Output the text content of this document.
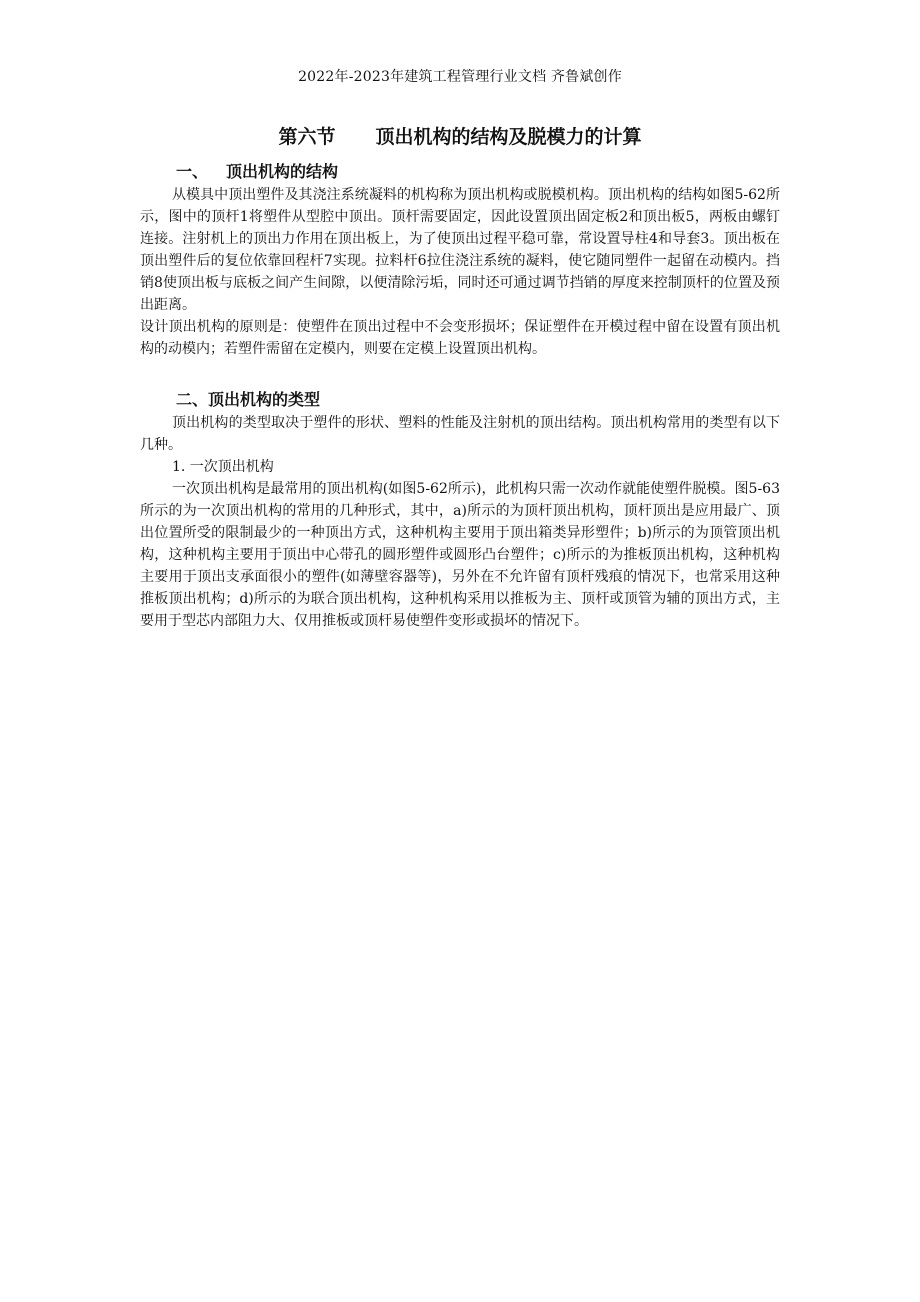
2022年-2023年建筑工程管理行业文档 齐鲁斌创作
第六节 顶出机构的结构及脱模力的计算
一、 顶出机构的结构

从模具中顶出塑件及其浇注系统凝料的机构称为顶出机构或脱模机构。顶出机构的结构如图5-62所示，图中的顶杆1将塑件从型腔中顶出。顶杆需要固定，因此设置顶出固定板2和顶出板5，两板由螺钉连接。注射机上的顶出力作用在顶出板上，为了使顶出过程平稳可靠，常设置导柱4和导套3。顶出板在顶出塑件后的复位依靠回程杆7实现。拉料杆6拉住浇注系统的凝料，使它随同塑件一起留在动模内。挡销8使顶出板与底板之间产生间隙，以便清除污垢，同时还可通过调节挡销的厚度来控制顶杆的位置及预出距离。

设计顶出机构的原则是：使塑件在顶出过程中不会变形损坏；保证塑件在开模过程中留在设置有顶出机构的动模内；若塑件需留在定模内，则要在定模上设置顶出机构。

二、顶出机构的类型

顶出机构的类型取决于塑件的形状、塑料的性能及注射机的顶出结构。顶出机构常用的类型有以下几种。

1. 一次顶出机构

一次顶出机构是最常用的顶出机构(如图5-62所示)，此机构只需一次动作就能使塑件脱模。图5-63所示的为一次顶出机构的常用的几种形式，其中，a)所示的为顶杆顶出机构，顶杆顶出是应用最广、顶出位置所受的限制最少的一种顶出方式，这种机构主要用于顶出箱类异形塑件；b)所示的为顶管顶出机构，这种机构主要用于顶出中心带孔的圆形塑件或圆形凸台塑件；c)所示的为推板顶出机构，这种机构主要用于顶出支承面很小的塑件(如薄壁容器等)，另外在不允许留有顶杆残痕的情况下，也常采用这种推板顶出机构；d)所示的为联合顶出机构，这种机构采用以推板为主、顶杆或顶管为辅的顶出方式，主要用于型芯内部阻力大、仅用推板或顶杆易使塑件变形或损坏的情况下。
